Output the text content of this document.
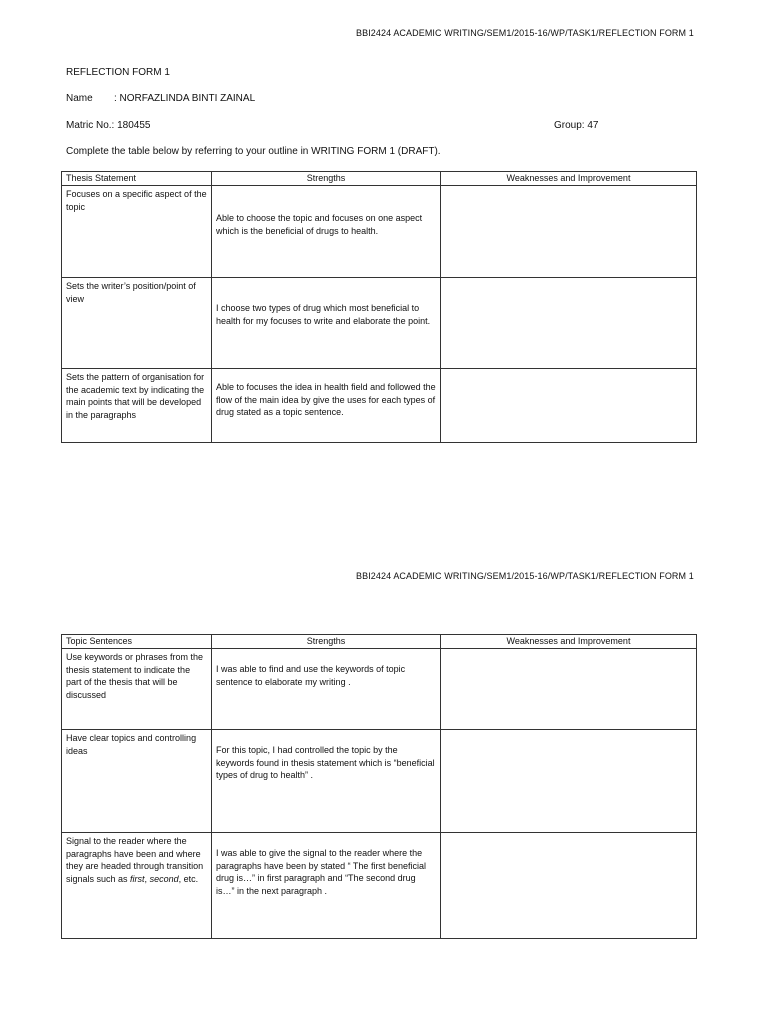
BBI2424 ACADEMIC WRITING/SEM1/2015-16/WP/TASK1/REFLECTION FORM 1
REFLECTION FORM 1
Name : NORFAZLINDA BINTI ZAINAL
Matric No.: 180455	Group: 47
Complete the table below by referring to your outline in WRITING FORM 1 (DRAFT).
Thesis Statement	Strengths	Weaknesses and Improvement
Focuses on a specific aspect of the topic	Able to choose the topic and focuses on one aspect which is the beneficial of drugs to health.	

Sets the writer’s position/point of view	I choose two types of drug which most beneficial to health for my focuses to write and elaborate the point.	

Sets the pattern of organisation for the academic text by indicating the main points that will be developed in the paragraphs	Able to focuses the idea in health field and followed the flow of the main idea by give the uses for each types of drug stated as a topic sentence.	

BBI2424 ACADEMIC WRITING/SEM1/2015-16/WP/TASK1/REFLECTION FORM 1
Topic Sentences	Strengths	Weaknesses and Improvement
Use keywords or phrases from the thesis statement to indicate the part of the thesis that will be discussed	I was able to find and use the keywords of topic sentence to elaborate my writing .	

Have clear topics and controlling ideas	For this topic, I had controlled the topic by the keywords found in thesis statement which is “beneficial types of drug to health” .	

Signal to the reader where the paragraphs have been and where they are headed through transition signals such as first, second, etc.	I was able to give the signal to the reader where the paragraphs have been by stated “ The first beneficial drug is…” in first paragraph and “The second drug is…” in the next paragraph .	
